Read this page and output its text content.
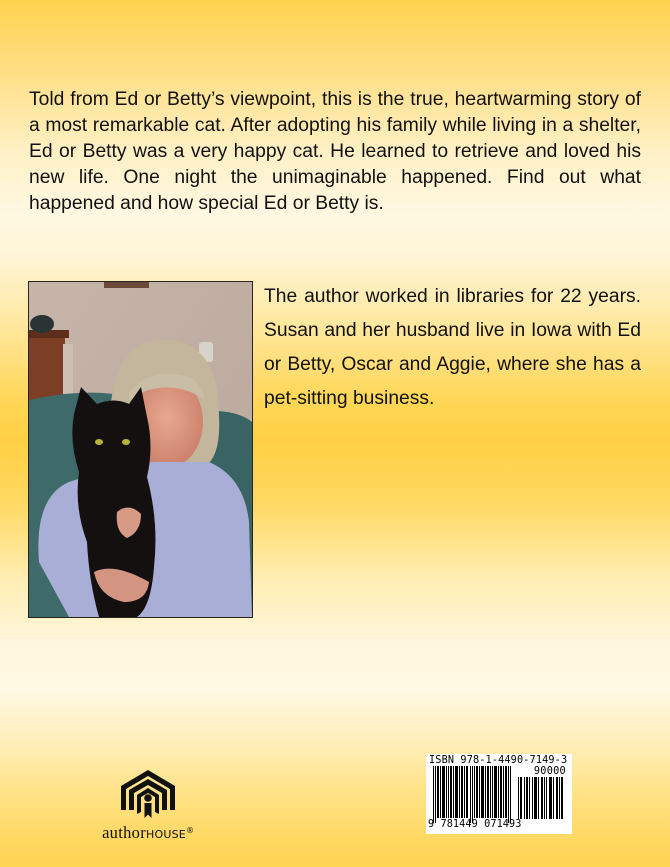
Told from Ed or Betty’s viewpoint, this is the true, heartwarming story of a most remarkable cat. After adopting his family while living in a shelter, Ed or Betty was a very happy cat. He learned to retrieve and loved his new life. One night the unimaginable happened. Find out what happened and how special Ed or Betty is.

The author worked in libraries for 22 years. Susan and her husband live in Iowa with Ed or Betty, Oscar and Aggie, where she has a pet-sitting business.

authorHOUSE®
ISBN 978-1-4490-7149-3
90000
9 781449 071493
